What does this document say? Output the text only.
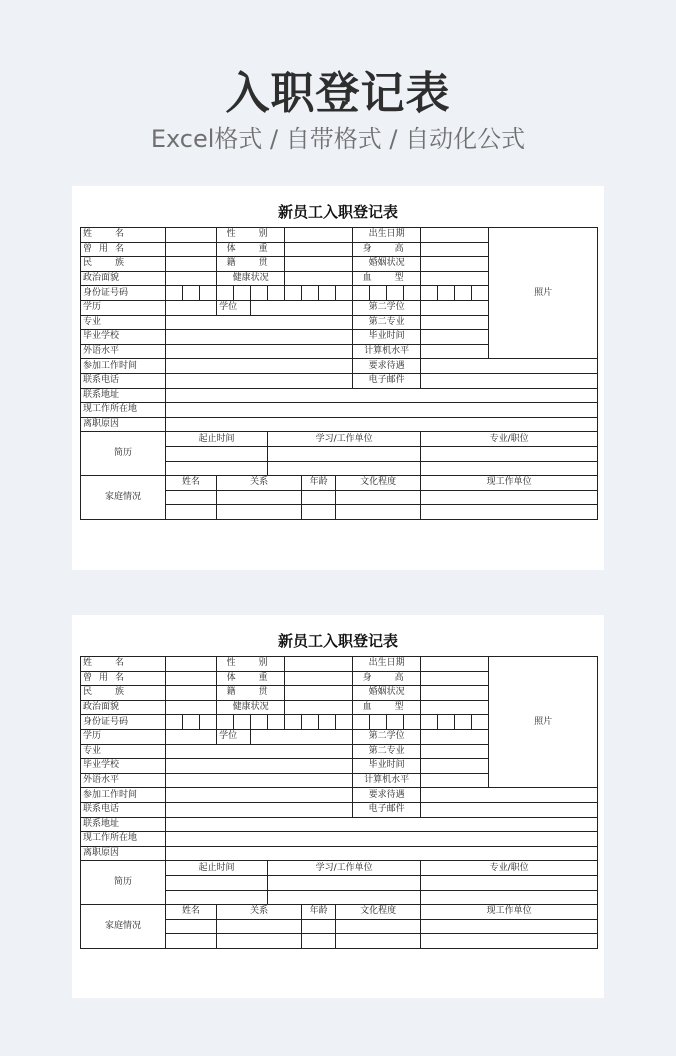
入职登记表
Excel格式 / 自带格式 / 自动化公式
新员工入职登记表
姓　名				性　别								出生日期							照片
曾用名				体　重								身　高							
民　族				籍　贯								婚姻状况							
政治面貌				健康状况								血　型							
身份证号码																			
学历				学位								第二学位							
专业												第二专业							
毕业学校												毕业时间							
外语水平												计算机水平							
参加工作时间												要求待遇							
联系电话												电子邮件							
联系地址																			
现工作所在地																			
离职原因																			
简历	起止时间						学习/工作单位									专业/职位			

家庭情况	姓名			关系					年龄		文化程度					现工作单位			

新员工入职登记表
姓　名				性　别								出生日期							照片
曾用名				体　重								身　高							
民　族				籍　贯								婚姻状况							
政治面貌				健康状况								血　型							
身份证号码																			
学历				学位								第二学位							
专业												第二专业							
毕业学校												毕业时间							
外语水平												计算机水平							
参加工作时间												要求待遇							
联系电话												电子邮件							
联系地址																			
现工作所在地																			
离职原因																			
简历	起止时间						学习/工作单位									专业/职位			

家庭情况	姓名			关系					年龄		文化程度					现工作单位			
